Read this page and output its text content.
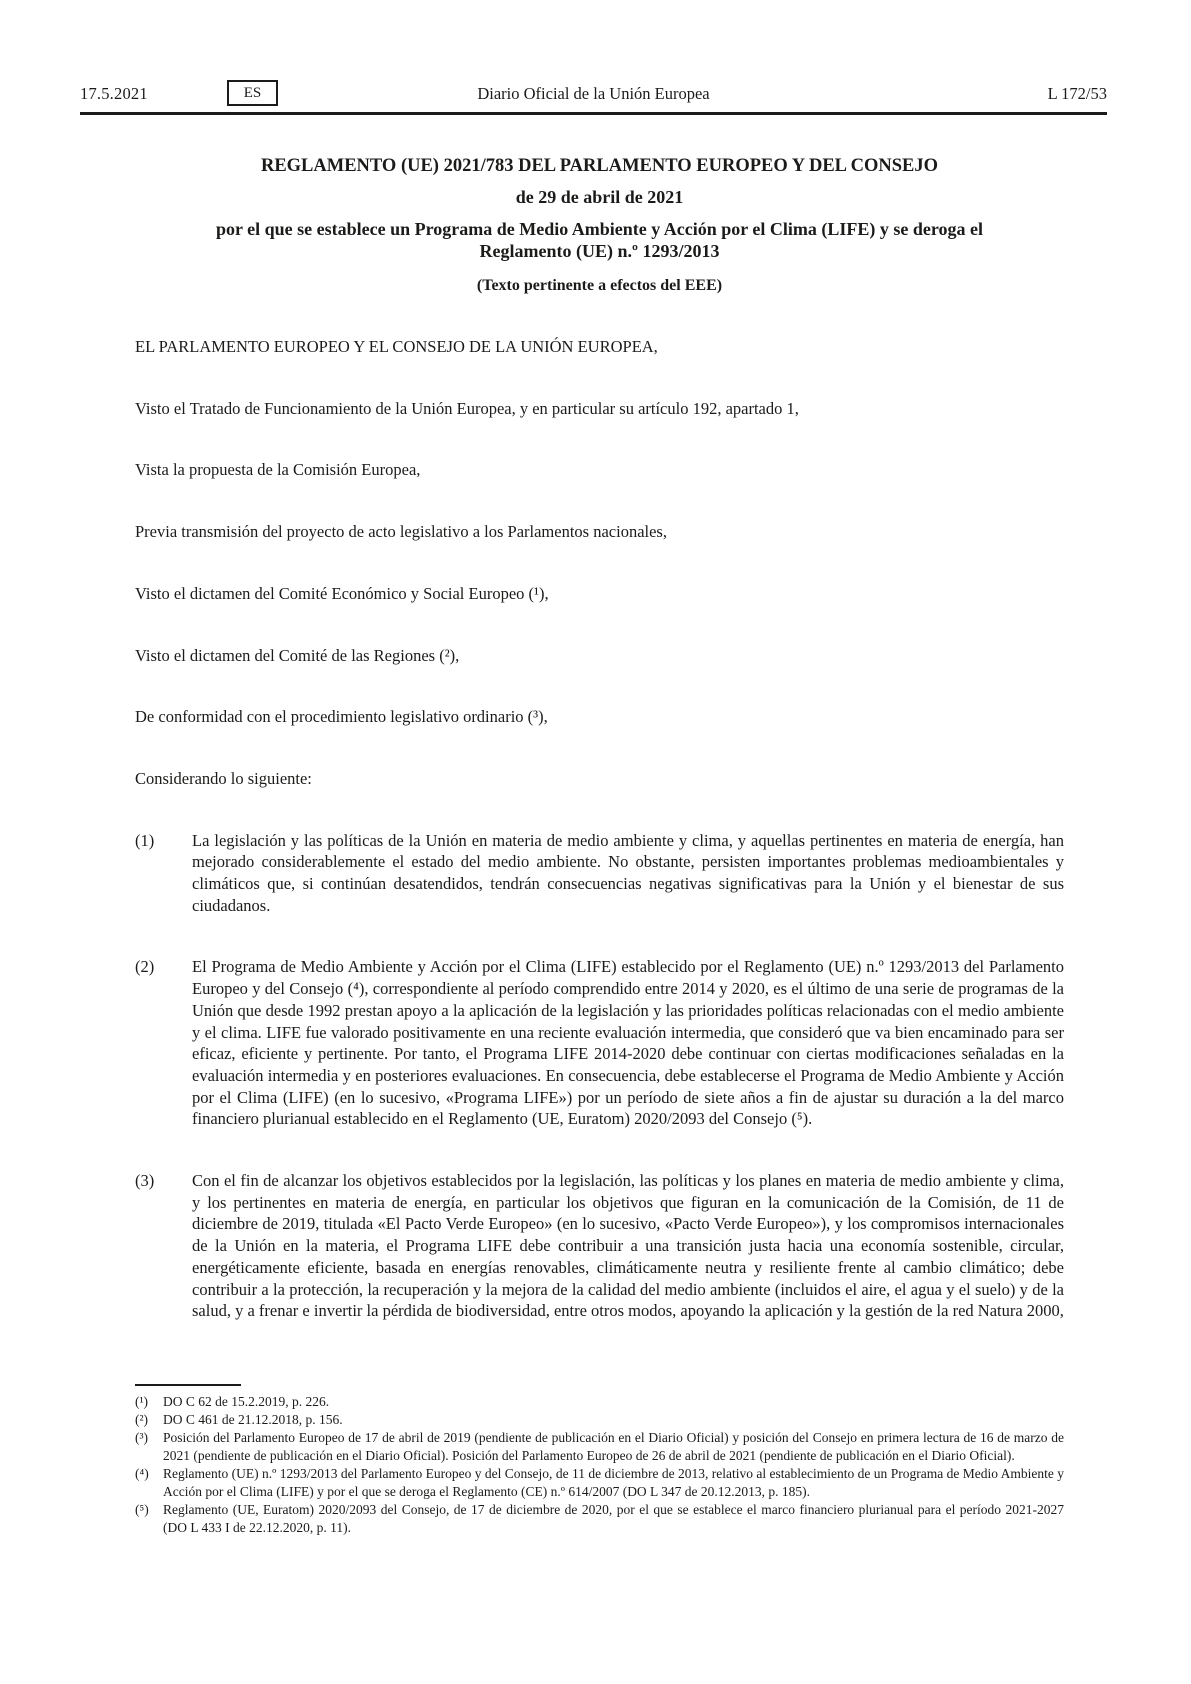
17.5.2021	ES	Diario Oficial de la Unión Europea	L 172/53
REGLAMENTO (UE) 2021/783 DEL PARLAMENTO EUROPEO Y DEL CONSEJO

de 29 de abril de 2021

por el que se establece un Programa de Medio Ambiente y Acción por el Clima (LIFE) y se deroga el Reglamento (UE) n.º 1293/2013

(Texto pertinente a efectos del EEE)

EL PARLAMENTO EUROPEO Y EL CONSEJO DE LA UNIÓN EUROPEA,

Visto el Tratado de Funcionamiento de la Unión Europea, y en particular su artículo 192, apartado 1,

Vista la propuesta de la Comisión Europea,

Previa transmisión del proyecto de acto legislativo a los Parlamentos nacionales,

Visto el dictamen del Comité Económico y Social Europeo (¹),

Visto el dictamen del Comité de las Regiones (²),

De conformidad con el procedimiento legislativo ordinario (³),

Considerando lo siguiente:

(1)	La legislación y las políticas de la Unión en materia de medio ambiente y clima, y aquellas pertinentes en materia de energía, han mejorado considerablemente el estado del medio ambiente. No obstante, persisten importantes problemas medioambientales y climáticos que, si continúan desatendidos, tendrán consecuencias negativas significativas para la Unión y el bienestar de sus ciudadanos.

(2)	El Programa de Medio Ambiente y Acción por el Clima (LIFE) establecido por el Reglamento (UE) n.º 1293/2013 del Parlamento Europeo y del Consejo (⁴), correspondiente al período comprendido entre 2014 y 2020, es el último de una serie de programas de la Unión que desde 1992 prestan apoyo a la aplicación de la legislación y las prioridades políticas relacionadas con el medio ambiente y el clima. LIFE fue valorado positivamente en una reciente evaluación intermedia, que consideró que va bien encaminado para ser eficaz, eficiente y pertinente. Por tanto, el Programa LIFE 2014-2020 debe continuar con ciertas modificaciones señaladas en la evaluación intermedia y en posteriores evaluaciones. En consecuencia, debe establecerse el Programa de Medio Ambiente y Acción por el Clima (LIFE) (en lo sucesivo, «Programa LIFE») por un período de siete años a fin de ajustar su duración a la del marco financiero plurianual establecido en el Reglamento (UE, Euratom) 2020/2093 del Consejo (⁵).

(3)	Con el fin de alcanzar los objetivos establecidos por la legislación, las políticas y los planes en materia de medio ambiente y clima, y los pertinentes en materia de energía, en particular los objetivos que figuran en la comunicación de la Comisión, de 11 de diciembre de 2019, titulada «El Pacto Verde Europeo» (en lo sucesivo, «Pacto Verde Europeo»), y los compromisos internacionales de la Unión en la materia, el Programa LIFE debe contribuir a una transición justa hacia una economía sostenible, circular, energéticamente eficiente, basada en energías renovables, climáticamente neutra y resiliente frente al cambio climático; debe contribuir a la protección, la recuperación y la mejora de la calidad del medio ambiente (incluidos el aire, el agua y el suelo) y de la salud, y a frenar e invertir la pérdida de biodiversidad, entre otros modos, apoyando la aplicación y la gestión de la red Natura 2000,

(¹)	DO C 62 de 15.2.2019, p. 226.

(²)	DO C 461 de 21.12.2018, p. 156.

(³)	Posición del Parlamento Europeo de 17 de abril de 2019 (pendiente de publicación en el Diario Oficial) y posición del Consejo en primera lectura de 16 de marzo de 2021 (pendiente de publicación en el Diario Oficial). Posición del Parlamento Europeo de 26 de abril de 2021 (pendiente de publicación en el Diario Oficial).

(⁴)	Reglamento (UE) n.º 1293/2013 del Parlamento Europeo y del Consejo, de 11 de diciembre de 2013, relativo al establecimiento de un Programa de Medio Ambiente y Acción por el Clima (LIFE) y por el que se deroga el Reglamento (CE) n.º 614/2007 (DO L 347 de 20.12.2013, p. 185).

(⁵)	Reglamento (UE, Euratom) 2020/2093 del Consejo, de 17 de diciembre de 2020, por el que se establece el marco financiero plurianual para el período 2021-2027 (DO L 433 I de 22.12.2020, p. 11).
